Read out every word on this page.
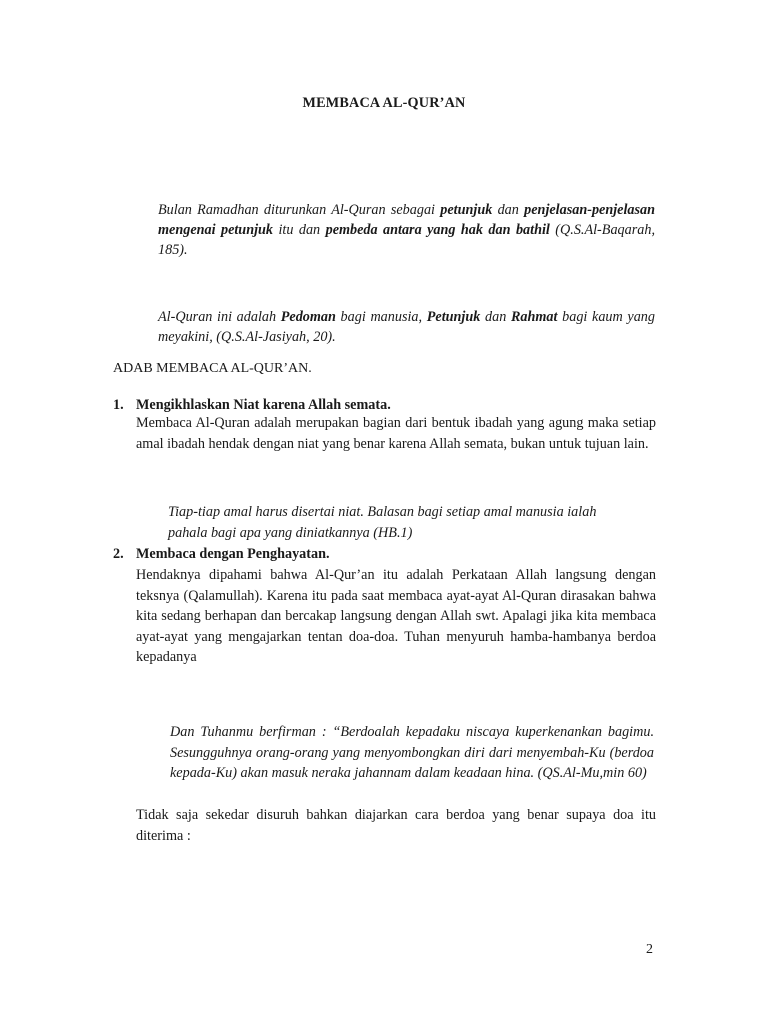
MEMBACA AL-QUR’AN
Bulan Ramadhan diturunkan Al-Quran sebagai petunjuk dan penjelasan-penjelasan mengenai petunjuk itu dan pembeda antara yang hak dan bathil (Q.S.Al-Baqarah, 185).
Al-Quran ini adalah Pedoman bagi manusia, Petunjuk dan Rahmat bagi kaum yang meyakini, (Q.S.Al-Jasiyah, 20).
ADAB MEMBACA AL-QUR’AN.
1. Mengikhlaskan Niat karena Allah semata.
Membaca Al-Quran adalah merupakan bagian dari bentuk ibadah yang agung maka setiap amal ibadah hendak dengan niat yang benar karena Allah semata, bukan untuk tujuan lain.
Tiap-tiap amal harus disertai niat. Balasan bagi setiap amal manusia ialah pahala bagi apa yang diniatkannya (HB.1)
2. Membaca dengan Penghayatan.
Hendaknya dipahami bahwa Al-Qur’an itu adalah Perkataan Allah langsung dengan teksnya (Qalamullah). Karena itu pada saat membaca ayat-ayat Al-Quran dirasakan bahwa kita sedang berhapan dan bercakap langsung dengan Allah swt. Apalagi jika kita membaca ayat-ayat yang mengajarkan tentan doa-doa. Tuhan menyuruh hamba-hambanya berdoa kepadanya
Dan Tuhanmu berfirman : “Berdoalah kepadaku niscaya kuperkenankan bagimu. Sesungguhnya orang-orang yang menyombongkan diri dari menyembah-Ku (berdoa kepada-Ku) akan masuk neraka jahannam dalam keadaan hina. (QS.Al-Mu,min 60)
Tidak saja sekedar disuruh bahkan diajarkan cara berdoa yang benar supaya doa itu diterima :
2
